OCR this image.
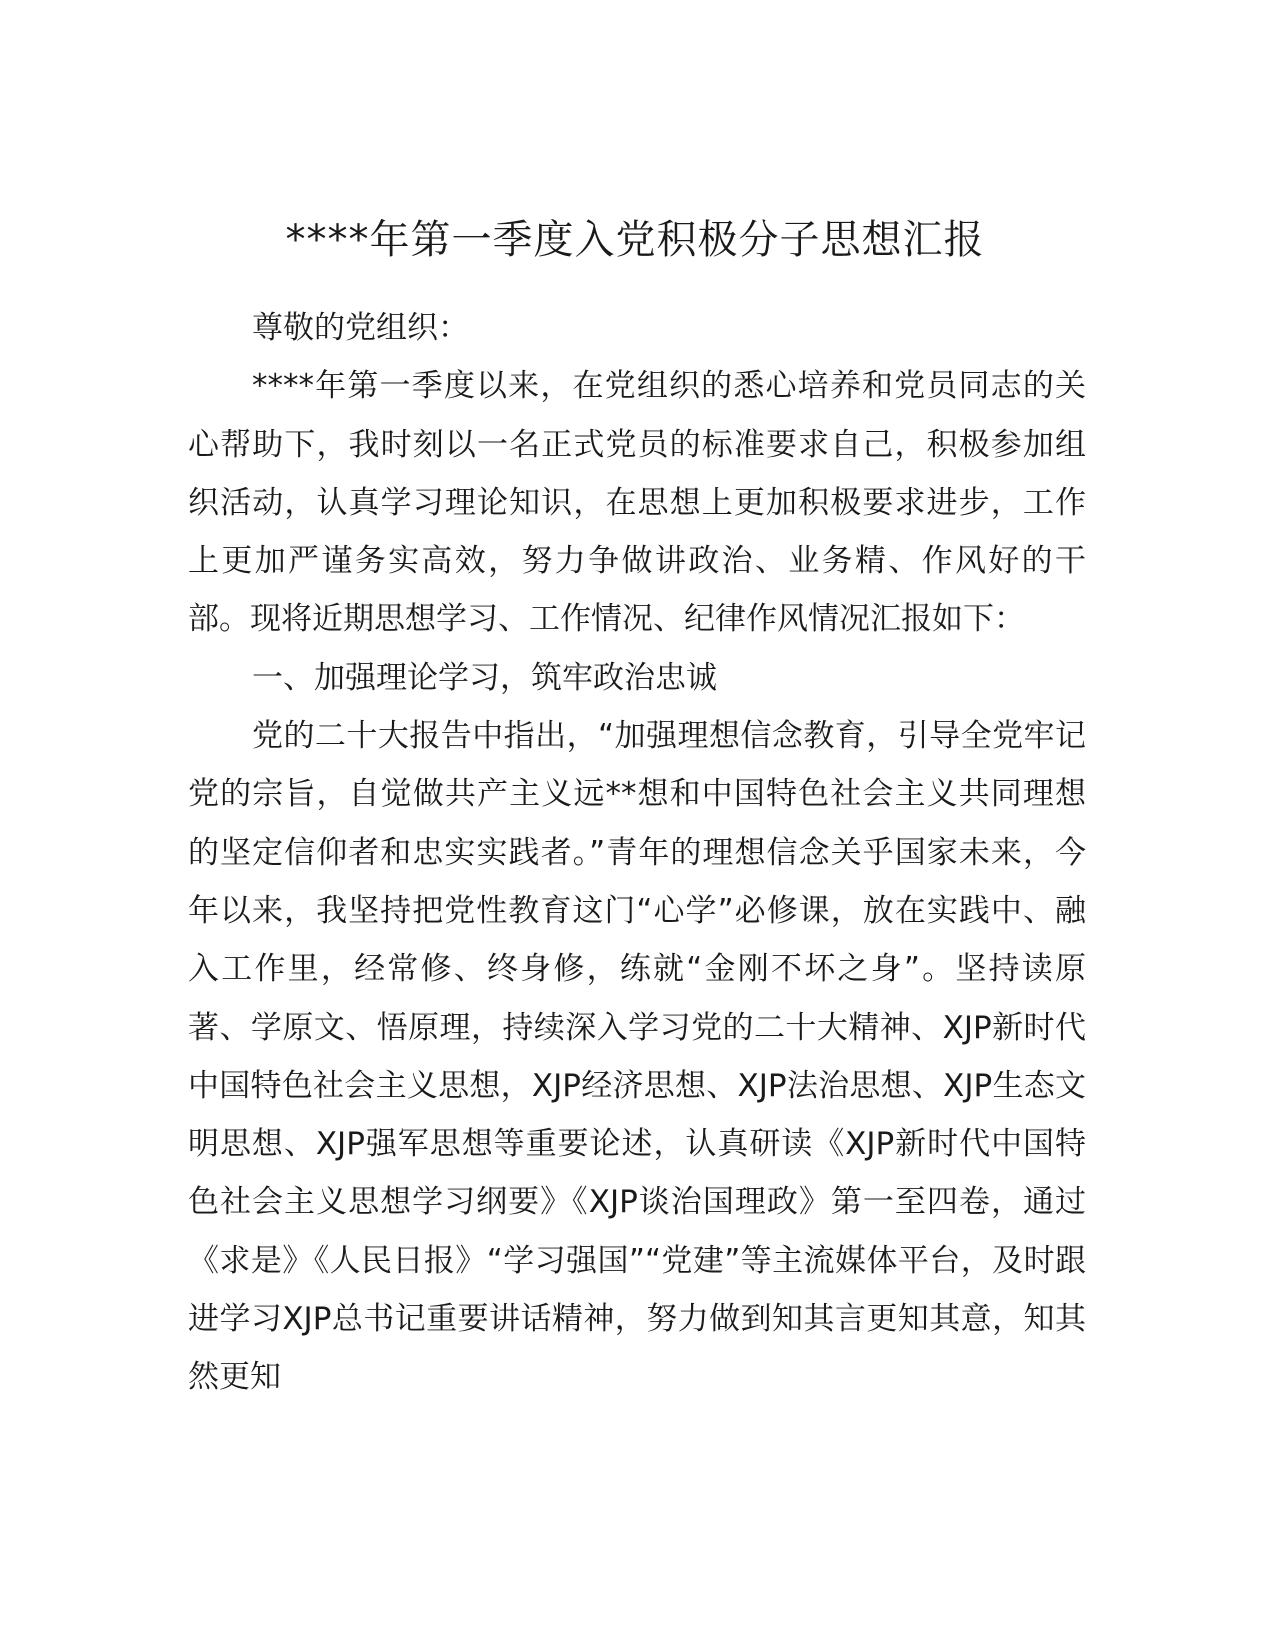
****年第一季度入党积极分子思想汇报

尊敬的党组织：

****年第一季度以来，在党组织的悉心培养和党员同志的关心帮助下，我时刻以一名正式党员的标准要求自己，积极参加组织活动，认真学习理论知识，在思想上更加积极要求进步，工作上更加严谨务实高效，努力争做讲政治、业务精、作风好的干部。现将近期思想学习、工作情况、纪律作风情况汇报如下：

一、加强理论学习，筑牢政治忠诚

党的二十大报告中指出，“加强理想信念教育，引导全党牢记党的宗旨，自觉做共产主义远**想和中国特色社会主义共同理想的坚定信仰者和忠实实践者。”青年的理想信念关乎国家未来，今年以来，我坚持把党性教育这门“心学”必修课，放在实践中、融入工作里，经常修、终身修，练就“金刚不坏之身”。坚持读原著、学原文、悟原理，持续深入学习党的二十大精神、XJP新时代中国特色社会主义思想，XJP经济思想、XJP法治思想、XJP生态文明思想、XJP强军思想等重要论述，认真研读《XJP新时代中国特色社会主义思想学习纲要》《XJP谈治国理政》第一至四卷，通过《求是》《人民日报》“学习强国”“党建”等主流媒体平台，及时跟进学习XJP总书记重要讲话精神，努力做到知其言更知其意，知其然更知
